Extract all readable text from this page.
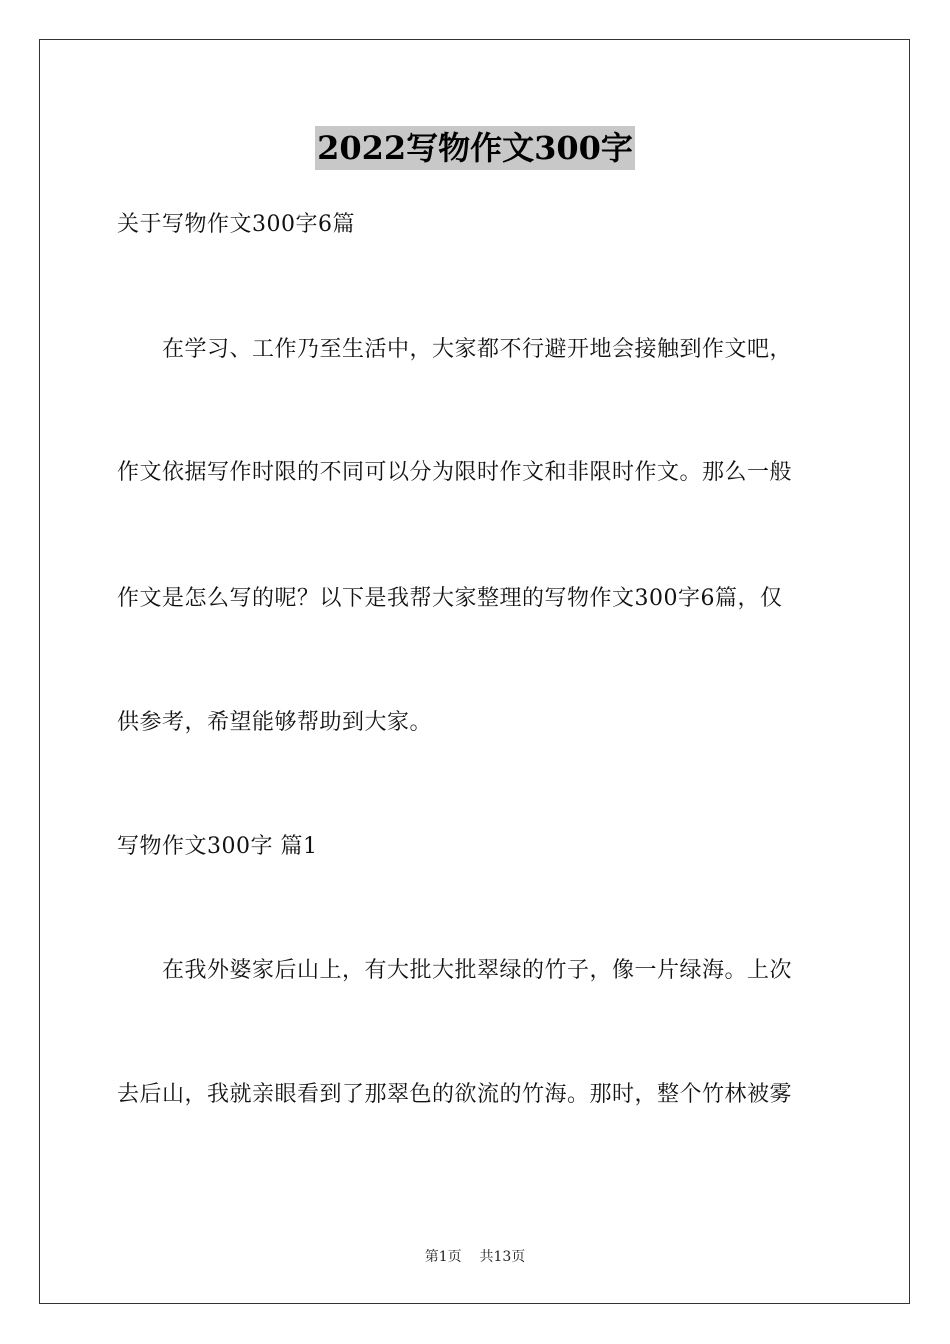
2022写物作文300字
关于写物作文300字6篇
　　在学习、工作乃至生活中，大家都不行避开地会接触到作文吧，
作文依据写作时限的不同可以分为限时作文和非限时作文。那么一般
作文是怎么写的呢？以下是我帮大家整理的写物作文300字6篇，仅
供参考，希望能够帮助到大家。
写物作文300字 篇1
　　在我外婆家后山上，有大批大批翠绿的竹子，像一片绿海。上次
去后山，我就亲眼看到了那翠色的欲流的竹海。那时，整个竹林被雾
第1页 共13页
